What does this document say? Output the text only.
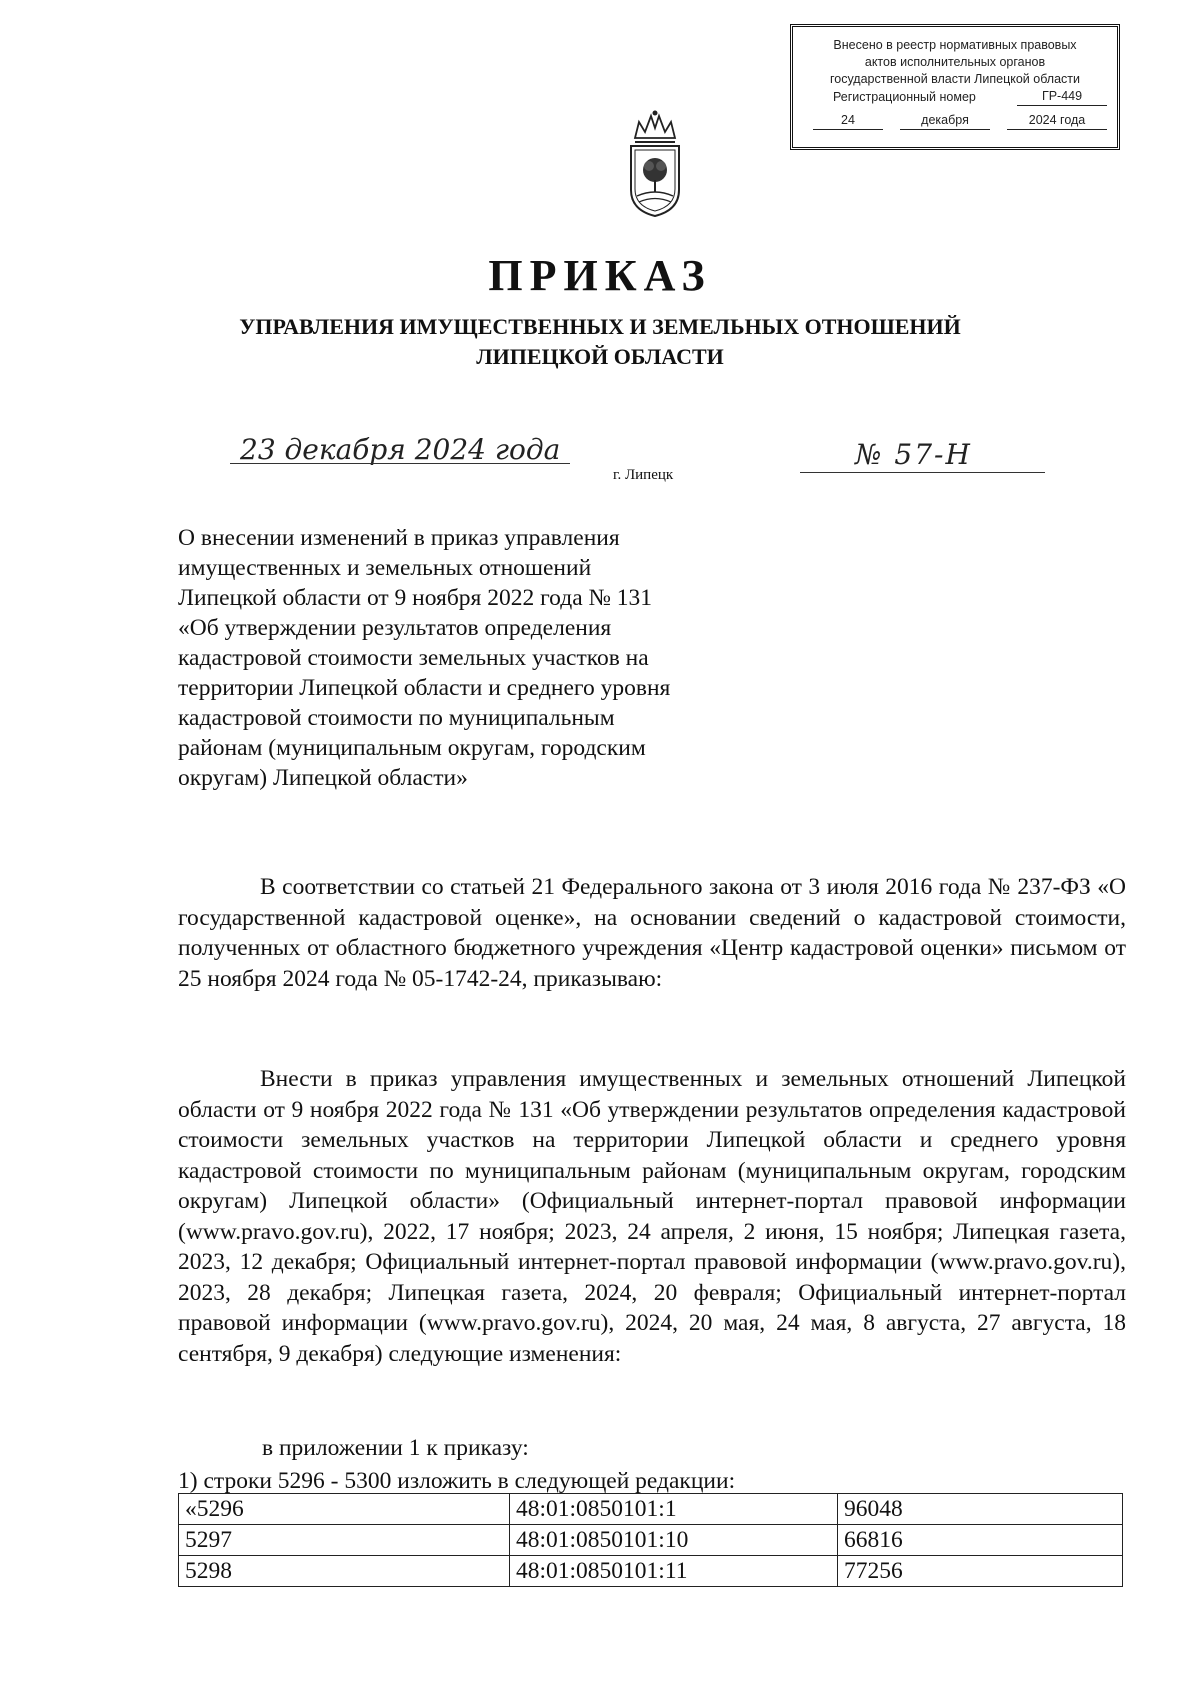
Внесено в реестр нормативных правовых
актов исполнительных органов
государственной власти Липецкой области
Регистрационный номер	ГР-449
24	декабря	2024 года
ПРИКАЗ
УПРАВЛЕНИЯ ИМУЩЕСТВЕННЫХ И ЗЕМЕЛЬНЫХ ОТНОШЕНИЙ
ЛИПЕЦКОЙ ОБЛАСТИ
23 декабря 2024 года
г. Липецк
№ 57-Н
О внесении изменений в приказ управления
имущественных и земельных отношений
Липецкой области от 9 ноября 2022 года № 131
«Об утверждении результатов определения
кадастровой стоимости земельных участков на
территории Липецкой области и среднего уровня
кадастровой стоимости по муниципальным
районам (муниципальным округам, городским
округам) Липецкой области»
В соответствии со статьей 21 Федерального закона от 3 июля 2016 года № 237-ФЗ «О государственной кадастровой оценке», на основании сведений о кадастровой стоимости, полученных от областного бюджетного учреждения «Центр кадастровой оценки» письмом от 25 ноября 2024 года № 05-1742-24, приказываю:
Внести в приказ управления имущественных и земельных отношений Липецкой области от 9 ноября 2022 года № 131 «Об утверждении результатов определения кадастровой стоимости земельных участков на территории Липецкой области и среднего уровня кадастровой стоимости по муниципальным районам (муниципальным округам, городским округам) Липецкой области» (Официальный интернет-портал правовой информации (www.pravo.gov.ru), 2022, 17 ноября; 2023, 24 апреля, 2 июня, 15 ноября; Липецкая газета, 2023, 12 декабря; Официальный интернет-портал правовой информации (www.pravo.gov.ru), 2023, 28 декабря; Липецкая газета, 2024, 20 февраля; Официальный интернет-портал правовой информации (www.pravo.gov.ru), 2024, 20 мая, 24 мая, 8 августа, 27 августа, 18 сентября, 9 декабря) следующие изменения:
в приложении 1 к приказу:
1) строки 5296 - 5300 изложить в следующей редакции:
«5296	48:01:0850101:1	96048
5297	48:01:0850101:10	66816
5298	48:01:0850101:11	77256
